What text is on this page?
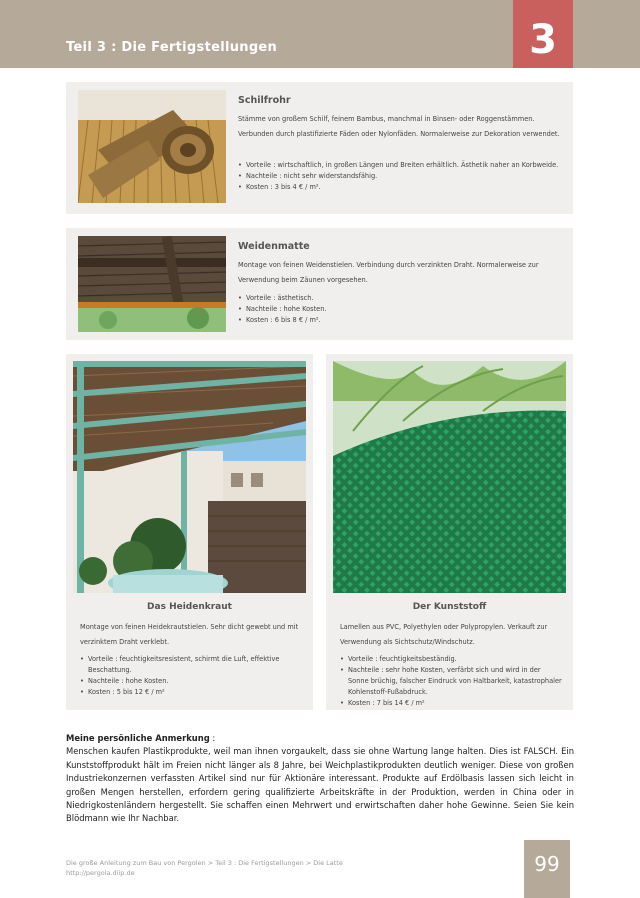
Teil 3 : Die Fertigstellungen	3
Schilfrohr
Stämme von großem Schilf, feinem Bambus, manchmal in Binsen- oder Roggenstämmen. Verbunden durch plastifizierte Fäden oder Nylonfäden. Normalerweise zur Dekoration verwendet.
• Vorteile : wirtschaftlich, in großen Längen und Breiten erhältlich. Ästhetik naher an Korbweide.
• Nachteile : nicht sehr widerstandsfähig.
• Kosten : 3 bis 4 € / m².
Weidenmatte
Montage von feinen Weidenstielen. Verbindung durch verzinkten Draht. Normalerweise zur Verwendung beim Zäunen vorgesehen.
• Vorteile : ästhetisch.
• Nachteile : hohe Kosten.
• Kosten : 6 bis 8 € / m².
Das Heidenkraut
Montage von feinen Heidekrautstielen. Sehr dicht gewebt und mit verzinktem Draht verklebt.
• Vorteile : feuchtigkeitsresistent, schirmt die Luft, effektive Beschattung.
• Nachteile : hohe Kosten.
• Kosten : 5 bis 12 € / m²
Der Kunststoff
Lamellen aus PVC, Polyethylen oder Polypropylen. Verkauft zur Verwendung als Sichtschutz/Windschutz.
• Vorteile : feuchtigkeitsbeständig.
• Nachteile : sehr hohe Kosten, verfärbt sich und wird in der Sonne brüchig, falscher Eindruck von Haltbarkeit, katastrophaler Kohlenstoff-Fußabdruck.
• Kosten : 7 bis 14 € / m²
Meine persönliche Anmerkung :
Menschen kaufen Plastikprodukte, weil man ihnen vorgaukelt, dass sie ohne Wartung lange halten. Dies ist FALSCH. Ein Kunststoffprodukt hält im Freien nicht länger als 8 Jahre, bei Weichplastikprodukten deutlich weniger. Diese von großen Industriekonzernen verfassten Artikel sind nur für Aktionäre interessant. Produkte auf Erdölbasis lassen sich leicht in großen Mengen herstellen, erfordern gering qualifizierte Arbeitskräfte in der Produktion, werden in China oder in Niedrigkostenländern hergestellt. Sie schaffen einen Mehrwert und erwirtschaften daher hohe Gewinne. Seien Sie kein Blödmann wie Ihr Nachbar.
Die große Anleitung zum Bau von Pergolen > Teil 3 : Die Fertigstellungen > Die Latte
http://pergola.diip.de	99
